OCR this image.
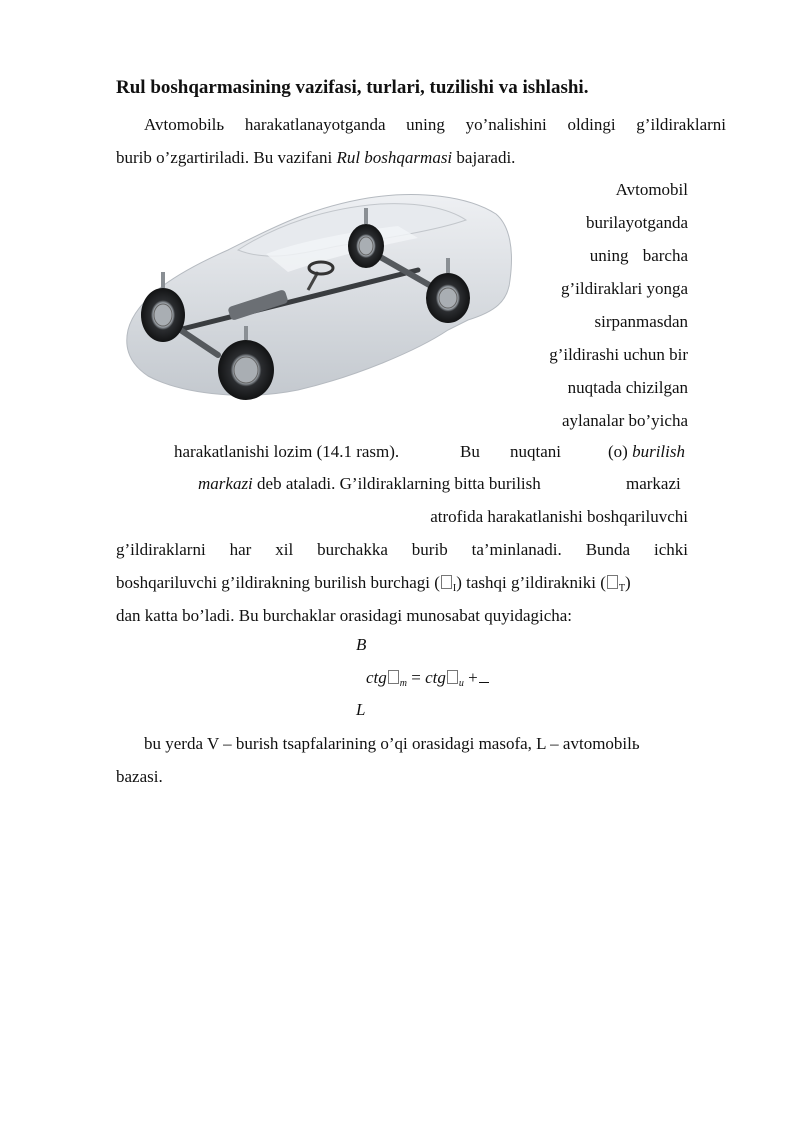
Rul boshqarmasining vazifasi, turlari, tuzilishi va ishlashi.
Avtomobilь harakatlanayotganda uning yo’nalishini oldingi g’ildiraklarni
burib o’zgartiriladi. Bu vazifani Rul boshqarmasi bajaradi.
Avtomobil
burilayotganda
uning barcha
g’ildiraklari yonga
sirpanmasdan
g’ildirashi uchun bir
nuqtada chizilgan
aylanalar bo’yicha
harakatlanishi lozim (14.1 rasm).	Bu nuqtani	(o) burilish
markazi deb ataladi. G’ildiraklarning bitta burilish	markazi
atrofida harakatlanishi boshqariluvchi
g’ildiraklarni har xil burchakka burib ta’minlanadi. Bunda ichki
boshqariluvchi g’ildirakning burilish burchagi ( $_I$) tashqi g’ildirakniki ( $_T$)
dan katta bo’ladi. Bu burchaklar orasidagi munosabat quyidagicha:
B
ctg $_m$ = ctg $_u$ +
L
bu yerda V – burish tsapfalarining o’qi orasidagi masofa, L – avtomobilь
bazasi.
